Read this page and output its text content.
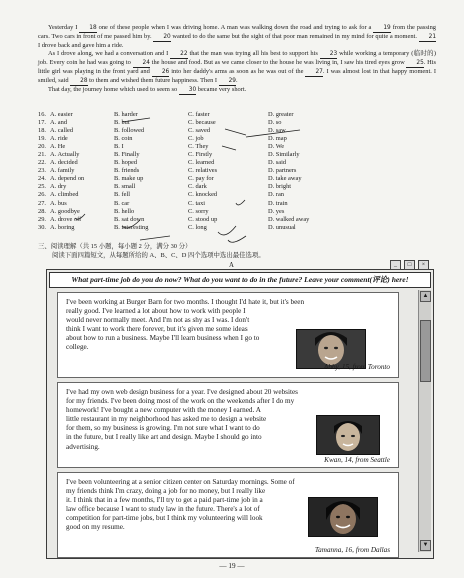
Yesterday I 18 one of these people when I was driving home. A man was walking down the road and trying to ask for a 19 from the passing cars. Two cars in front of me passed him by. 20 wanted to do the same but the sight of that poor man remained in my mind for quite a moment. 21 I drove back and gave him a ride.

As I drove along, we had a conversation and I 22 that the man was trying all his best to support his 23 while working a temporary (临时的) job. Every coin he had was going to 24 the house and food. But as we came closer to the house he was living in, I saw his tired eyes grow 25. His little girl was playing in the front yard and 26 into her daddy's arms as soon as he was out of the 27. I was almost lost in that happy moment. I smiled, said 28 to them and wished them future happiness. Then I 29.

That day, the journey home which used to seem so 30 became very short.

16. A. easier	B. harder	C. faster	D. greater
17. A. and	B. but	C. because	D. so
18. A. called	B. followed	C. saved	D. saw
19. A. ride	B. coin	C. job	D. map
20. A. He	B. I	C. They	D. We
21. A. Actually	B. Finally	C. Firstly	D. Similarly
22. A. decided	B. hoped	C. learned	D. said
23. A. family	B. friends	C. relatives	D. partners
24. A. depend on	B. make up	C. pay for	D. take away
25. A. dry	B. small	C. dark	D. bright
26. A. climbed	B. fell	C. knocked	D. ran
27. A. bus	B. car	C. taxi	D. train
28. A. goodbye	B. hello	C. sorry	D. yes
29. A. drove off	B. sat down	C. stood up	D. walked away
30. A. boring	B. interesting	C. long	D. unusual
三、阅读理解（共 15 小题，每小题 2 分，满分 30 分）
阅读下面四篇短文，从每题所给的 A、B、C、D 四个选项中选出最佳选项。
A	_	□	×
What part-time job do you do now? What do you want to do in the future? Leave your comment(评论) here!
I've been working at Burger Barn for two months. I thought I'd hate it, but it's been
really good. I've learned a lot about how to work with people I
would never normally meet. And I'm not as shy as I was. I don't
think I want to work there forever, but it's given me some ideas
about how to run a business. Maybe I'll learn business when I go to
college.
Abby, 15, from Toronto
I've had my own web design business for a year. I've designed about 20 websites
for my friends. I've been doing most of the work on the weekends after I do my
homework! I've bought a new computer with the money I earned. A
little restaurant in my neighborhood has asked me to design a website
for them, so my business is growing. I'm not sure what I want to do
in the future, but I really like art and design. Maybe I should go into
advertising.
Kwan, 14, from Seattle
I've been volunteering at a senior citizen center on Saturday mornings. Some of
my friends think I'm crazy, doing a job for no money, but I really like
it. I think that in a few months, I'll try to get a paid part-time job in a
law office because I want to study law in the future. There's a lot of
competition for part-time jobs, but I think my volunteering will look
good on my resume.
Tamanna, 16, from Dallas
▲
▼
— 19 —
